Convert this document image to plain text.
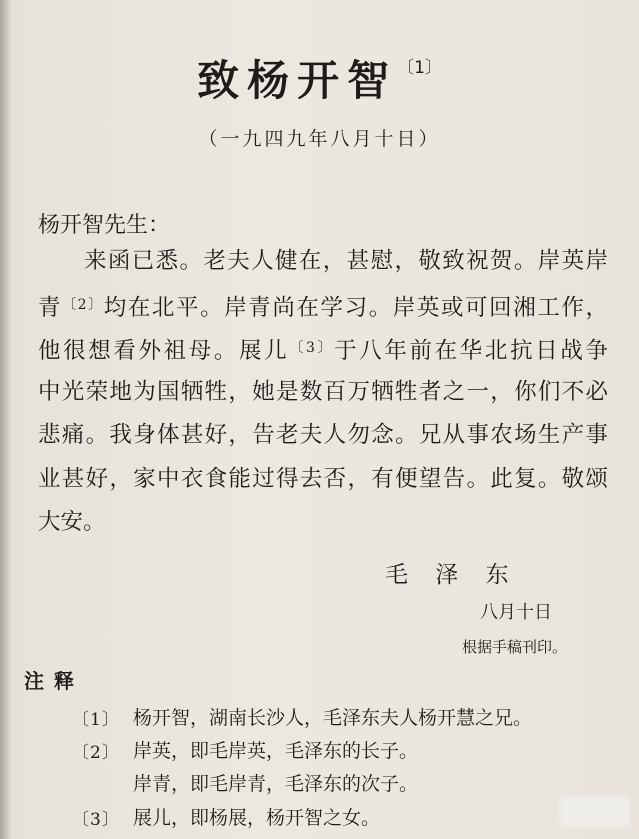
致杨开智$^{〔1〕}$
（一九四九年八月十日）
杨开智先生：
来函已悉。老夫人健在，甚慰，敬致祝贺。岸英岸
青$^{〔2〕}$均在北平。岸青尚在学习。岸英或可回湘工作，
他很想看外祖母。展儿$^{〔3〕}$于八年前在华北抗日战争
中光荣地为国牺牲，她是数百万牺牲者之一，你们不必
悲痛。我身体甚好，告老夫人勿念。兄从事农场生产事
业甚好，家中衣食能过得去否，有便望告。此复。敬颂
大安。
毛 泽 东
八月十日
根据手稿刊印。
注释
〔1〕 杨开智，湖南长沙人，毛泽东夫人杨开慧之兄。
〔2〕 岸英，即毛岸英，毛泽东的长子。
岸青，即毛岸青，毛泽东的次子。
〔3〕 展儿，即杨展，杨开智之女。
